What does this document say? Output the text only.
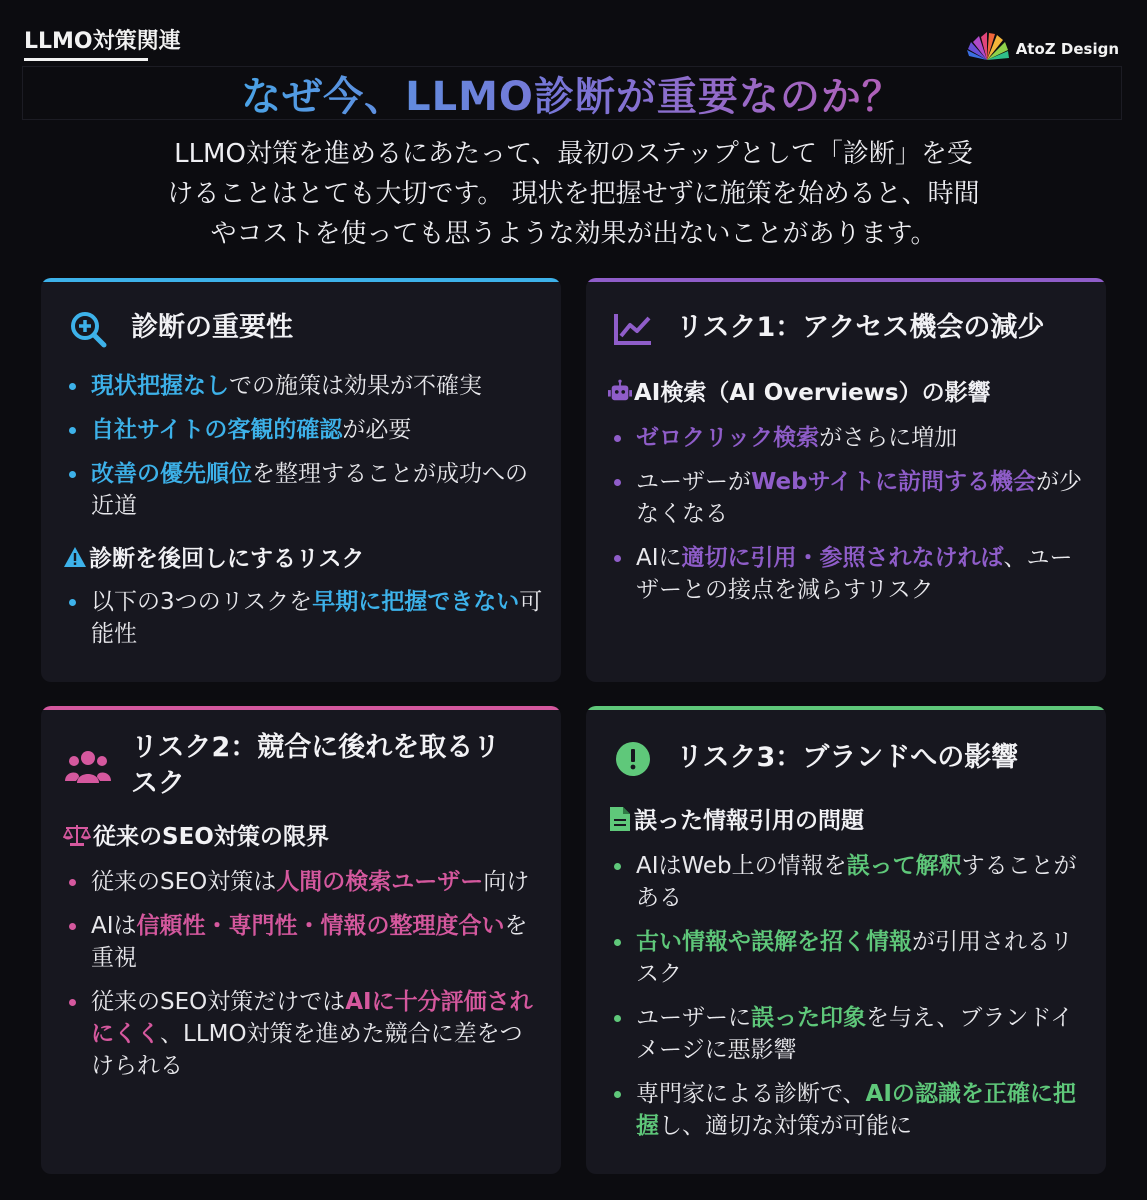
LLMO対策関連	AtoZ Design
なぜ今、LLMO診断が重要なのか？
LLMO対策を進めるにあたって、最初のステップとして「診断」を受
けることはとても大切です。 現状を把握せずに施策を始めると、時間
やコストを使っても思うような効果が出ないことがあります。
診断の重要性
現状把握なしでの施策は効果が不確実
自社サイトの客観的確認が必要
改善の優先順位を整理することが成功への近道
診断を後回しにするリスク
以下の3つのリスクを早期に把握できない可能性
リスク1：アクセス機会の減少
AI検索（AI Overviews）の影響
ゼロクリック検索がさらに増加
ユーザーがWebサイトに訪問する機会が少なくなる
AIに適切に引用・参照されなければ、ユーザーとの接点を減らすリスク
リスク2：競合に後れを取るリ
スク
従来のSEO対策の限界
従来のSEO対策は人間の検索ユーザー向け
AIは信頼性・専門性・情報の整理度合いを重視
従来のSEO対策だけではAIに十分評価されにくく、LLMO対策を進めた競合に差をつけられる
リスク3：ブランドへの影響
誤った情報引用の問題
AIはWeb上の情報を誤って解釈することがある
古い情報や誤解を招く情報が引用されるリスク
ユーザーに誤った印象を与え、ブランドイメージに悪影響
専門家による診断で、AIの認識を正確に把握し、適切な対策が可能に
